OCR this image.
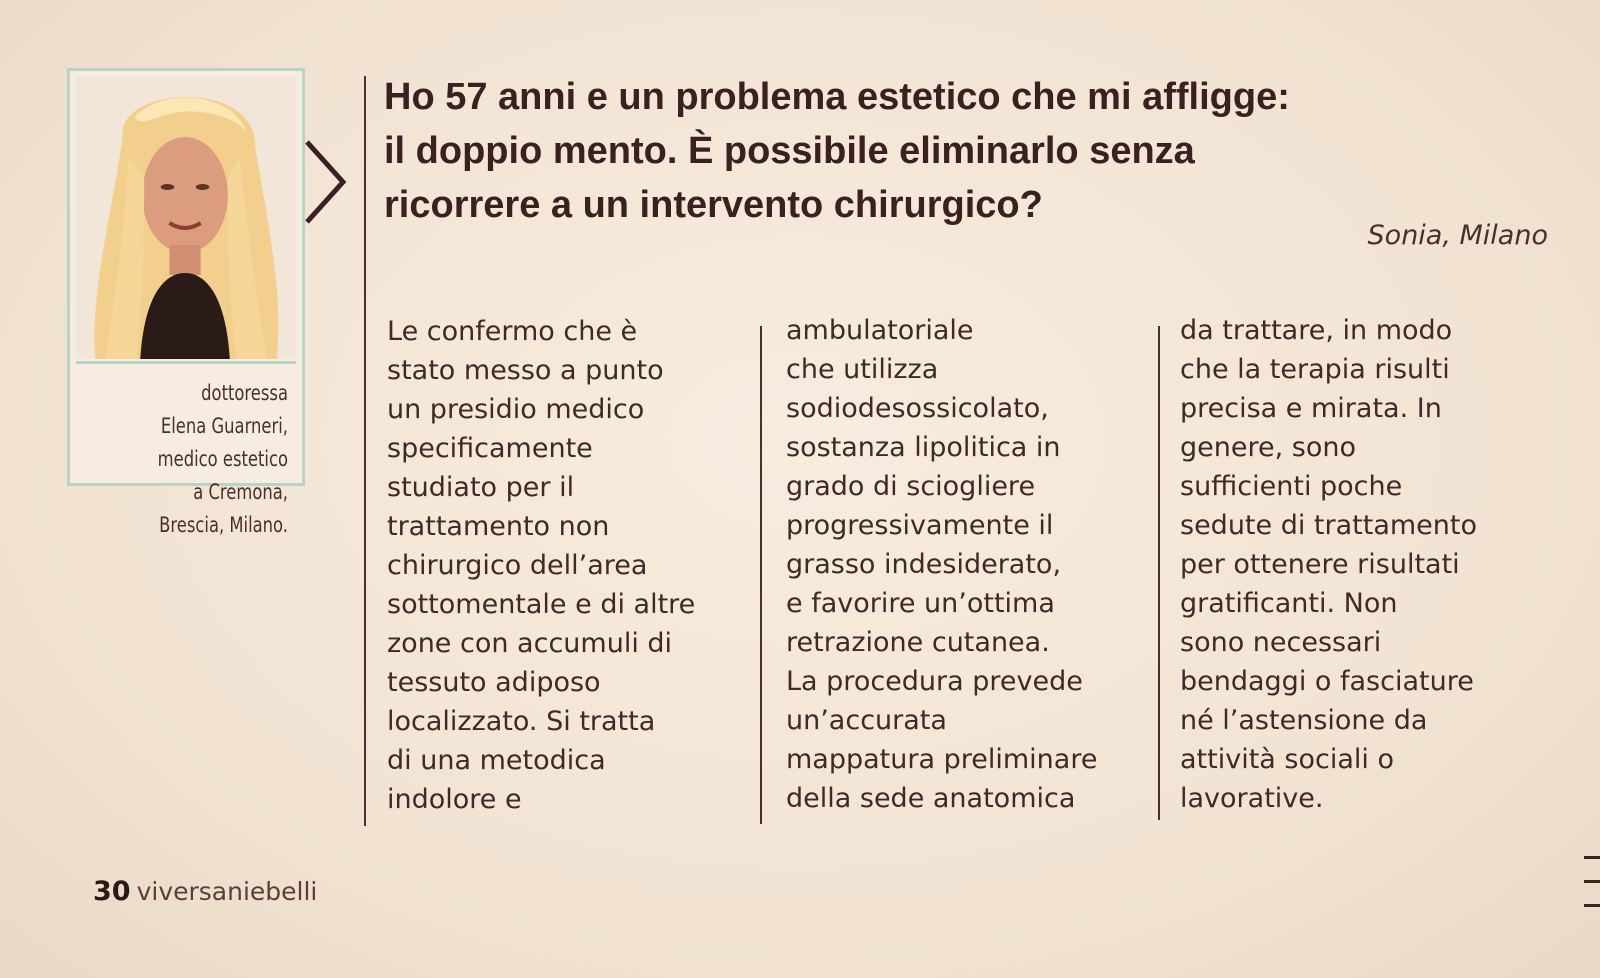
dottoressa
Elena Guarneri,
medico estetico
a Cremona,
Brescia, Milano.
Ho 57 anni e un problema estetico che mi affligge:
il doppio mento. È possibile eliminarlo senza
ricorrere a un intervento chirurgico?
Sonia, Milano
Le confermo che è
stato messo a punto
un presidio medico
specificamente
studiato per il
trattamento non
chirurgico dell’area
sottomentale e di altre
zone con accumuli di
tessuto adiposo
localizzato. Si tratta
di una metodica
indolore e
ambulatoriale
che utilizza
sodiodesossicolato,
sostanza lipolitica in
grado di sciogliere
progressivamente il
grasso indesiderato,
e favorire un’ottima
retrazione cutanea.
La procedura prevede
un’accurata
mappatura preliminare
della sede anatomica
da trattare, in modo
che la terapia risulti
precisa e mirata. In
genere, sono
sufficienti poche
sedute di trattamento
per ottenere risultati
gratificanti. Non
sono necessari
bendaggi o fasciature
né l’astensione da
attività sociali o
lavorative.
30 viversaniebelli
